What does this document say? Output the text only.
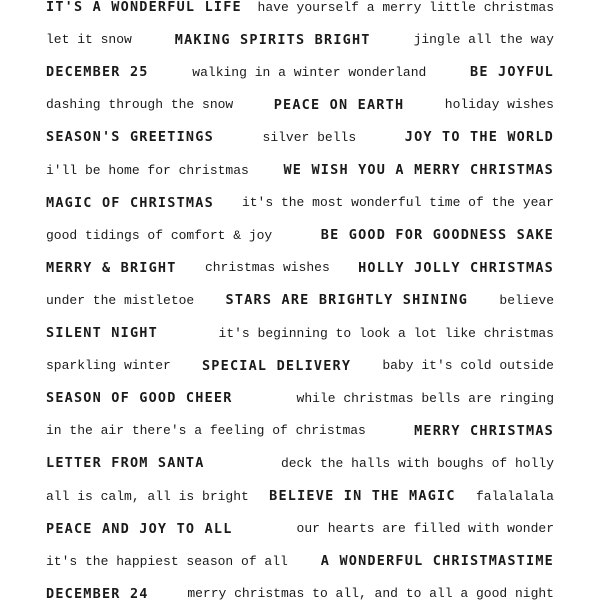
IT'S A WONDERFUL LIFE have yourself a merry little christmas
let it snow	MAKING SPIRITS BRIGHT	jingle all the way
DECEMBER 25	walking in a winter wonderland	BE JOYFUL
dashing through the snow	PEACE ON EARTH	holiday wishes
SEASON'S GREETINGS	silver bells	JOY TO THE WORLD
i'll be home for christmas	WE WISH YOU A MERRY CHRISTMAS
MAGIC OF CHRISTMAS it's the most wonderful time of the year
good tidings of comfort & joy	BE GOOD FOR GOODNESS SAKE
MERRY & BRIGHT christmas wishes HOLLY JOLLY CHRISTMAS
under the mistletoe STARS ARE BRIGHTLY SHINING believe
SILENT NIGHT	it's beginning to look a lot like christmas
sparkling winter SPECIAL DELIVERY baby it's cold outside
SEASON OF GOOD CHEER	while christmas bells are ringing
in the air there's a feeling of christmas	MERRY CHRISTMAS
LETTER FROM SANTA	deck the halls with boughs of holly
all is calm, all is bright BELIEVE IN THE MAGIC falalalala
PEACE AND JOY TO ALL	our hearts are filled with wonder
it's the happiest season of all A WONDERFUL CHRISTMASTIME
DECEMBER 24	merry christmas to all, and to all a good night
